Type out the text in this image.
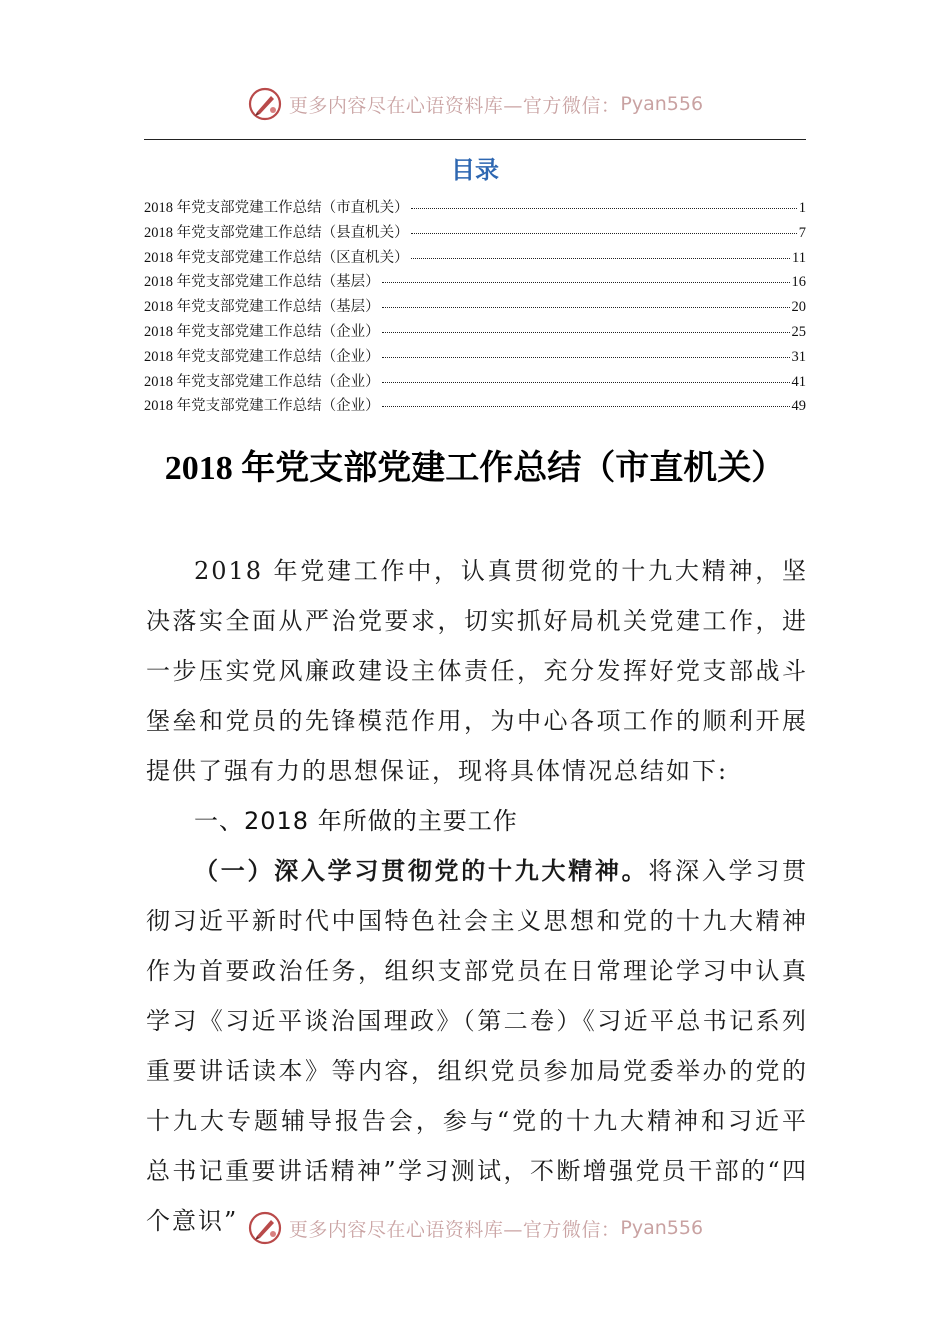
更多内容尽在心语资料库—官方微信： Pyan556
目录
2018 年党支部党建工作总结（市直机关）	1
2018 年党支部党建工作总结（县直机关）	7
2018 年党支部党建工作总结（区直机关）	11
2018 年党支部党建工作总结（基层）	16
2018 年党支部党建工作总结（基层）	20
2018 年党支部党建工作总结（企业）	25
2018 年党支部党建工作总结（企业）	31
2018 年党支部党建工作总结（企业）	41
2018 年党支部党建工作总结（企业）	49
2018 年党支部党建工作总结（市直机关）

2018 年党建工作中，认真贯彻党的十九大精神，坚决落实全面从严治党要求，切实抓好局机关党建工作，进一步压实党风廉政建设主体责任，充分发挥好党支部战斗堡垒和党员的先锋模范作用，为中心各项工作的顺利开展提供了强有力的思想保证，现将具体情况总结如下:

一、2018 年所做的主要工作

（一）深入学习贯彻党的十九大精神。将深入学习贯彻习近平新时代中国特色社会主义思想和党的十九大精神作为首要政治任务，组织支部党员在日常理论学习中认真学习《习近平谈治国理政》（第二卷）《习近平总书记系列重要讲话读本》等内容，组织党员参加局党委举办的党的十九大专题辅导报告会，参与“党的十九大精神和习近平总书记重要讲话精神”学习测试，不断增强党员干部的“四个意识”	更多内容尽在心语资料库—官方微信： Pyan556
